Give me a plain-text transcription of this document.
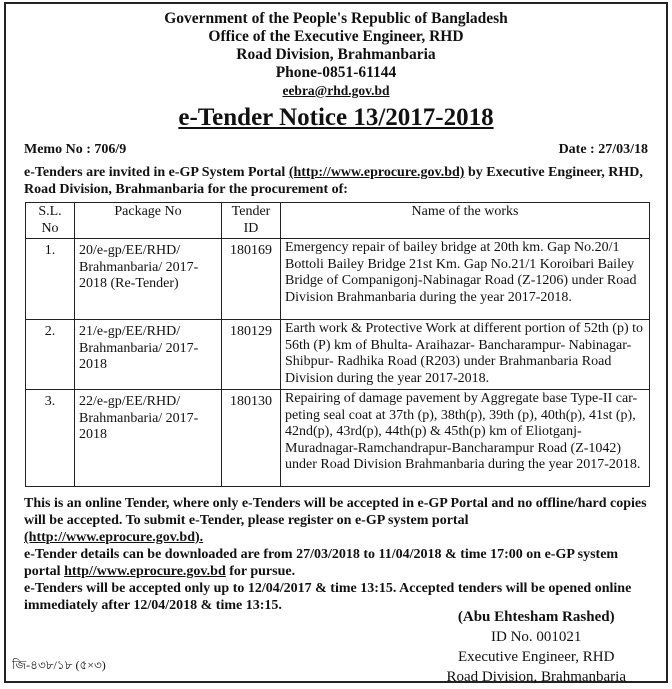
Government of the People's Republic of Bangladesh
Office of the Executive Engineer, RHD
Road Division, Brahmanbaria
Phone-0851-61144
eebra@rhd.gov.bd
e-Tender Notice 13/2017-2018
Memo No : 706/9	Date : 27/03/18
e-Tenders are invited in e-GP System Portal (http://www.eprocure.gov.bd) by Executive Engineer, RHD, Road Division, Brahmanbaria for the procurement of:
S.L. No	Package No	Tender ID	Name of the works
1.	20/e-gp/EE/RHD/ Brahmanbaria/ 2017-2018 (Re-Tender)	180169	Emergency repair of bailey bridge at 20th km. Gap No.20/1 Bottoli Bailey Bridge 21st Km. Gap No.21/1 Koroibari Bailey Bridge of Companigonj-Nabinagar Road (Z-1206) under Road Division Brahmanbaria during the year 2017-2018.
2.	21/e-gp/EE/RHD/ Brahmanbaria/ 2017-2018	180129	Earth work & Protective Work at different portion of 52th (p) to 56th (P) km of Bhulta- Araihazar- Bancharampur- Nabinagar-Shibpur- Radhika Road (R203) under Brahmanbaria Road Division during the year 2017-2018.
3.	22/e-gp/EE/RHD/ Brahmanbaria/ 2017-2018	180130	Repairing of damage pavement by Aggregate base Type-II car-peting seal coat at 37th (p), 38th(p), 39th (p), 40th(p), 41st (p), 42nd(p), 43rd(p), 44th(p) & 45th(p) km of Eliotganj-Muradnagar-Ramchandrapur-Bancharampur Road (Z-1042) under Road Division Brahmanbaria during the year 2017-2018.
This is an online Tender, where only e-Tenders will be accepted in e-GP Portal and no offline/hard copies will be accepted. To submit e-Tender, please register on e-GP system portal (http://www.eprocure.gov.bd).
e-Tender details can be downloaded are from 27/03/2018 to 11/04/2018 & time 17:00 on e-GP system portal http//www.eprocure.gov.bd for pursue.
e-Tenders will be accepted only up to 12/04/2017 & time 13:15. Accepted tenders will be opened online immediately after 12/04/2018 & time 13:15.
(Abu Ehtesham Rashed)
ID No. 001021
Executive Engineer, RHD
Road Division, Brahmanbaria
জি-৪৩৮/১৮ (৫×৩)
